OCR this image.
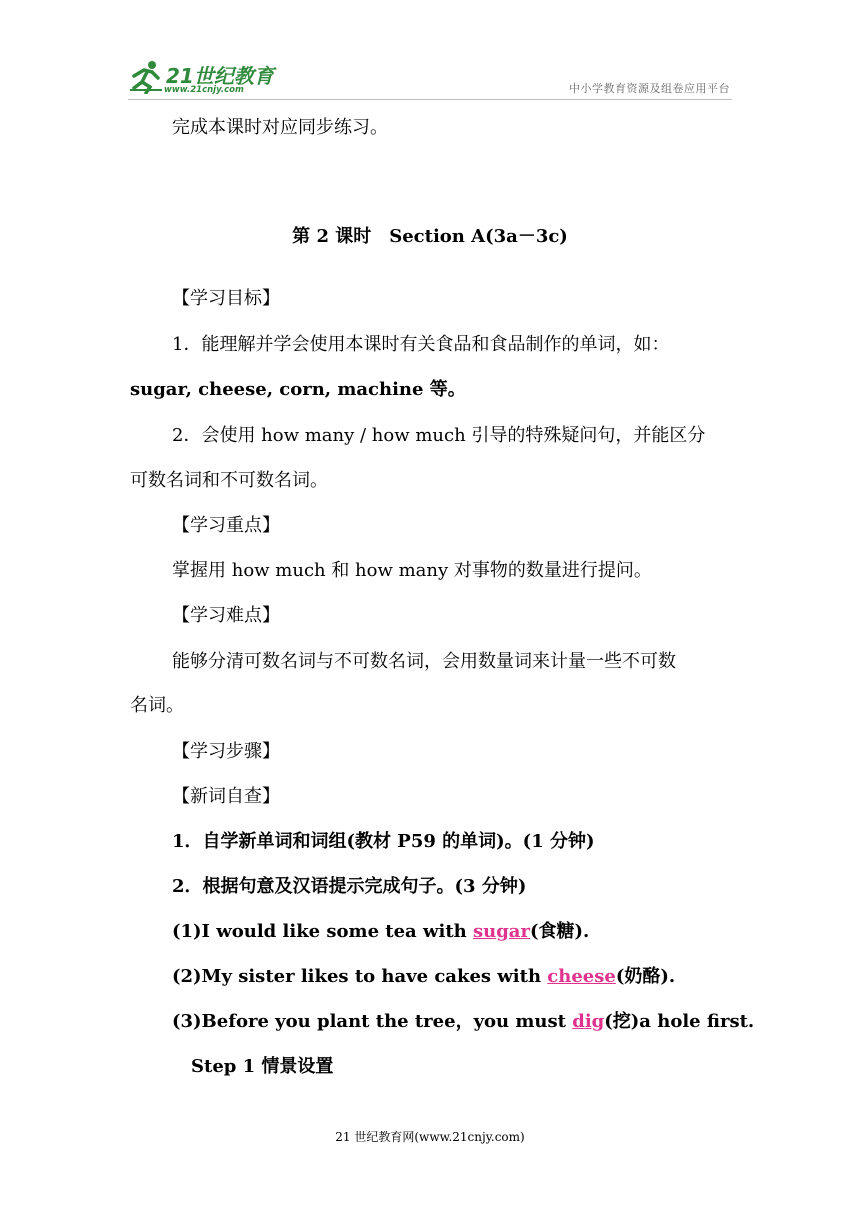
21世纪教育
www.21cnjy.com	中小学教育资源及组卷应用平台
完成本课时对应同步练习。
第 2 课时　Section A(3a－3c)
【学习目标】
1．能理解并学会使用本课时有关食品和食品制作的单词，如：
sugar, cheese, corn, machine 等。
2．会使用 how many / how much 引导的特殊疑问句，并能区分
可数名词和不可数名词。
【学习重点】
掌握用 how much 和 how many 对事物的数量进行提问。
【学习难点】
能够分清可数名词与不可数名词，会用数量词来计量一些不可数
名词。
【学习步骤】
【新词自查】
1．自学新单词和词组(教材 P59 的单词)。(1 分钟)
2．根据句意及汉语提示完成句子。(3 分钟)
(1)I would like some tea with sugar(食糖).
(2)My sister likes to have cakes with cheese(奶酪).
(3)Before you plant the tree，you must dig(挖)a hole first.
Step 1 情景设置
21 世纪教育网(www.21cnjy.com)
